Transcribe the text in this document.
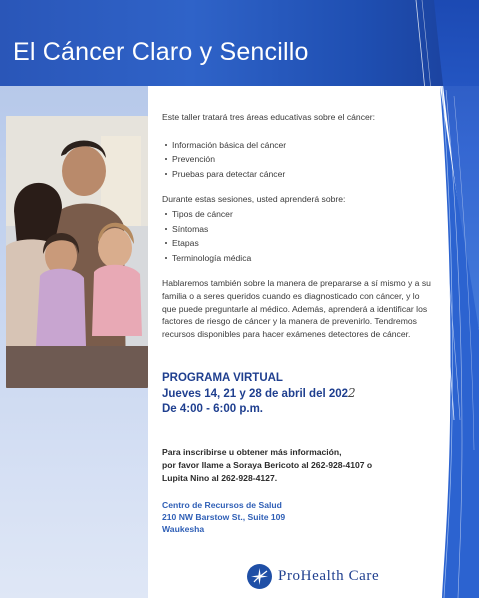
El Cáncer Claro y Sencillo

Este taller tratará tres áreas educativas sobre el cáncer:

Información básica del cáncer
Prevención
Pruebas para detectar cáncer

Durante estas sesiones, usted aprenderá sobre:

Tipos de cáncer
Síntomas
Etapas
Terminología médica

Hablaremos también sobre la manera de prepararse a sí mismo y a su familia o a seres queridos cuando es diagnosticado con cáncer, y lo que puede preguntarle al médico. Además, aprenderá a identificar los factores de riesgo de cáncer y la manera de prevenirlo. Tendremos recursos disponibles para hacer exámenes detectores de cáncer.

PROGRAMA VIRTUAL
Jueves 14, 21 y 28 de abril del 2022
De 4:00 - 6:00 p.m.
Para inscribirse u obtener más información,
por favor llame a Soraya Bericoto al 262-928-4107 o
Lupita Nino al 262-928-4127.
Centro de Recursos de Salud
210 NW Barstow St., Suite 109
Waukesha
ProHealth Care
